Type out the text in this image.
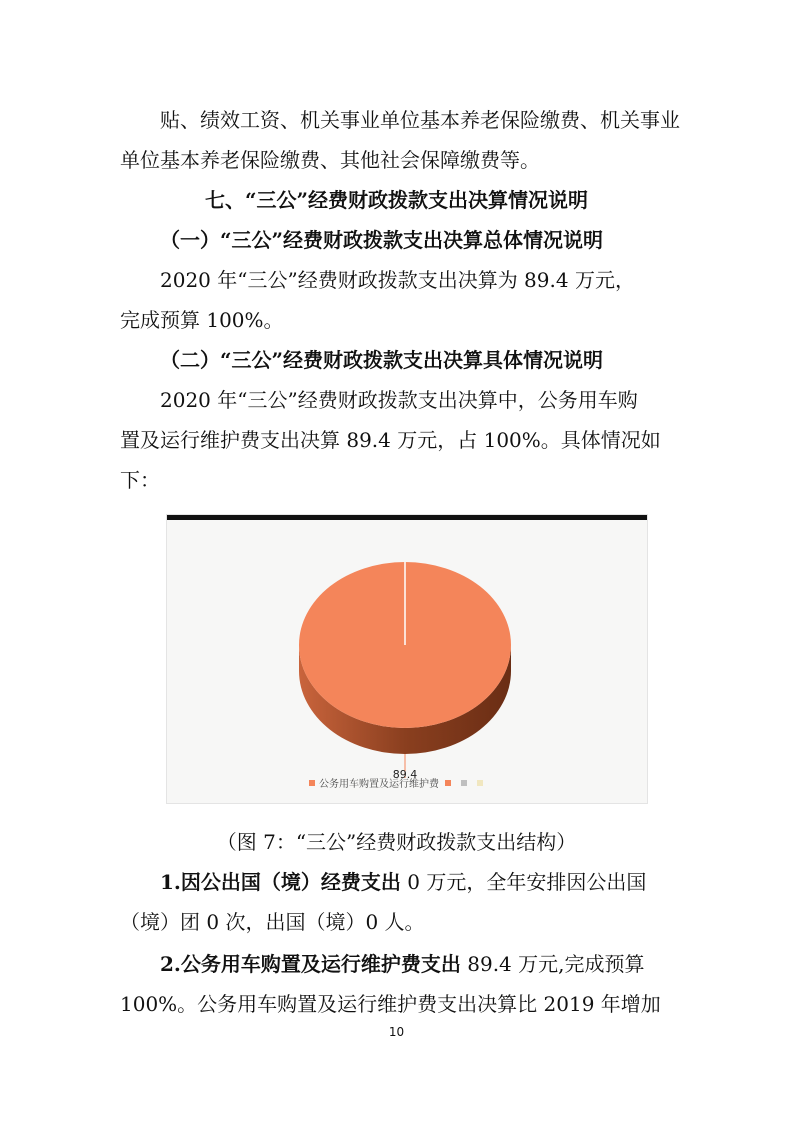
贴、绩效工资、机关事业单位基本养老保险缴费、机关事业
单位基本养老保险缴费、其他社会保障缴费等。
七、“三公”经费财政拨款支出决算情况说明
（一）“三公”经费财政拨款支出决算总体情况说明
2020 年“三公”经费财政拨款支出决算为 89.4 万元，
完成预算 100%。
（二）“三公”经费财政拨款支出决算具体情况说明
2020 年“三公”经费财政拨款支出决算中，公务用车购
置及运行维护费支出决算 89.4 万元，占 100%。具体情况如
下：
公务用车购置及运行维护费
89.4
（图 7：“三公”经费财政拨款支出结构）
1.因公出国（境）经费支出 0 万元，全年安排因公出国
（境）团 0 次，出国（境）0 人。
2.公务用车购置及运行维护费支出 89.4 万元,完成预算
100%。公务用车购置及运行维护费支出决算比 2019 年增加
10
